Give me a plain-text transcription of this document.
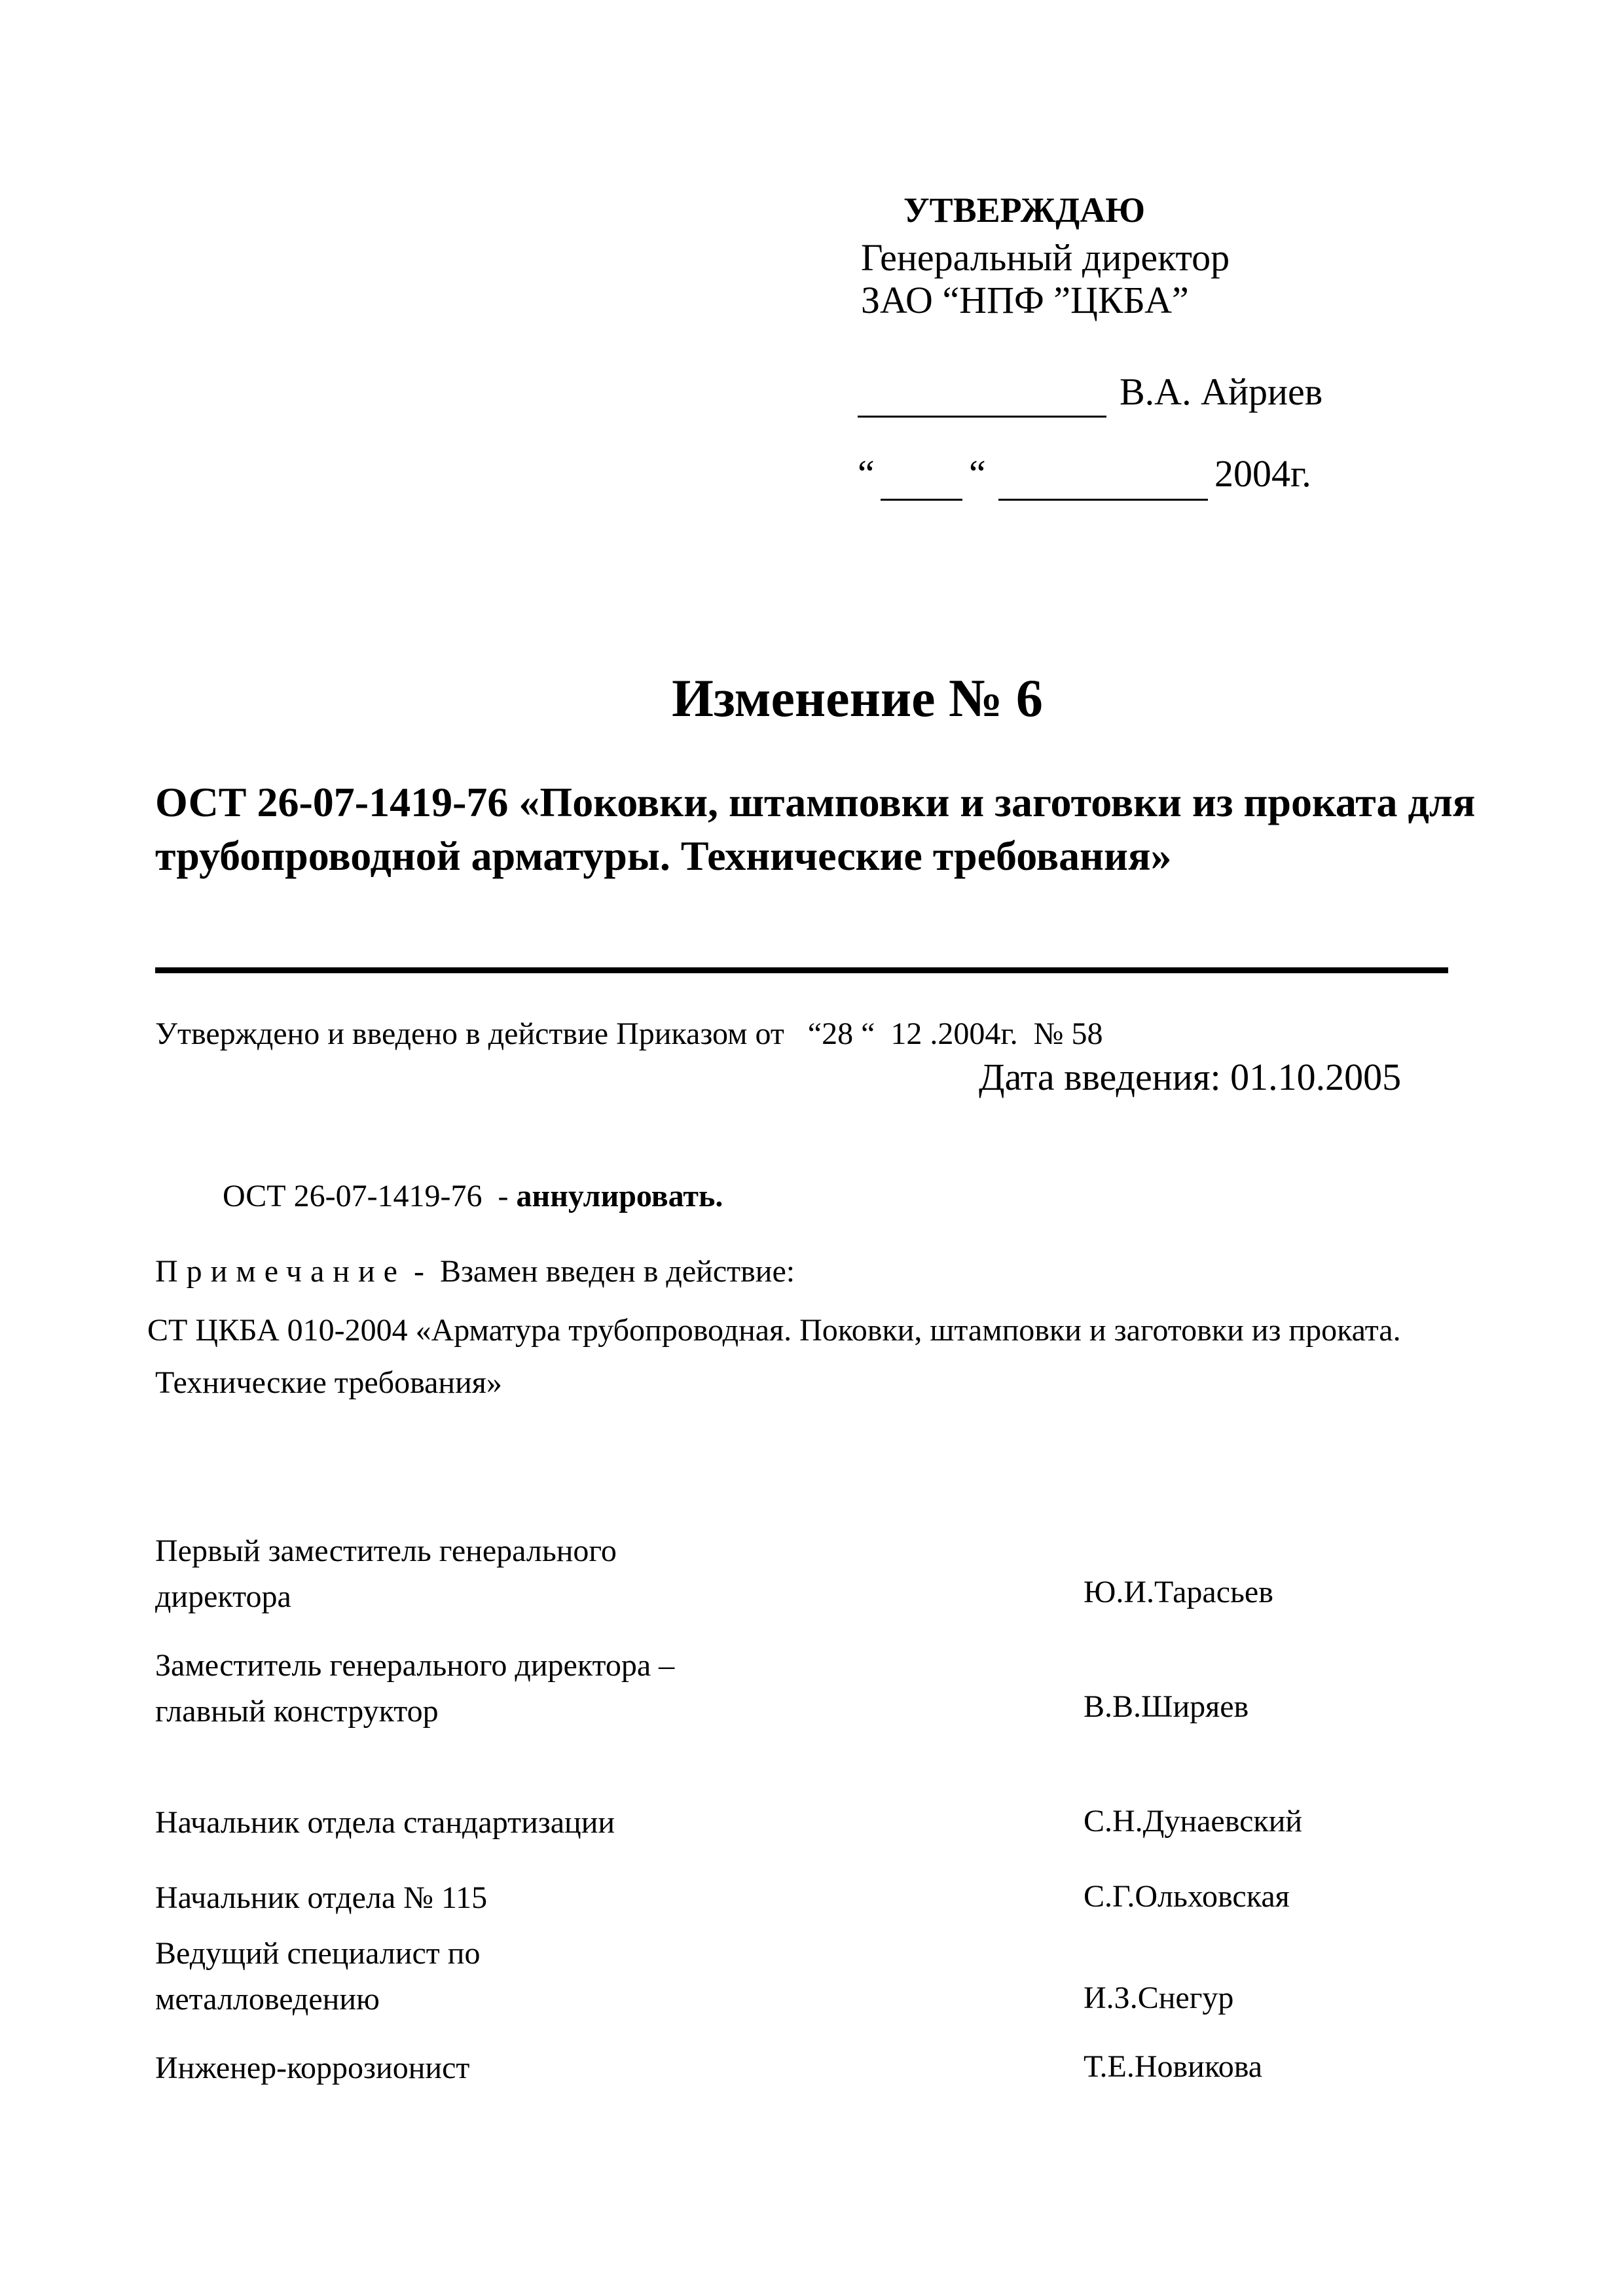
УТВЕРЖДАЮ
Генеральный директор
ЗАО “НПФ ”ЦКБА”
В.А. Айриев
“ “	2004г.
Изменение № 6
ОСТ 26-07-1419-76 «Поковки, штамповки и заготовки из проката для трубопроводной арматуры. Технические требования»
Утверждено и введено в действие Приказом от   “28 “  12 .2004г.  № 58
Дата введения: 01.10.2005
ОСТ 26-07-1419-76  - аннулировать.
Примечание -  Взамен введен в действие:
СТ ЦКБА 010-2004 «Арматура трубопроводная. Поковки, штамповки и заготовки из проката.
Технические требования»
Первый заместитель генерального директора	Ю.И.Тарасьев
Заместитель генерального директора – главный конструктор	В.В.Ширяев
Начальник отдела стандартизации	С.Н.Дунаевский
Начальник отдела № 115	С.Г.Ольховская
Ведущий специалист по металловедению	И.З.Снегур
Инженер-коррозионист	Т.Е.Новикова
